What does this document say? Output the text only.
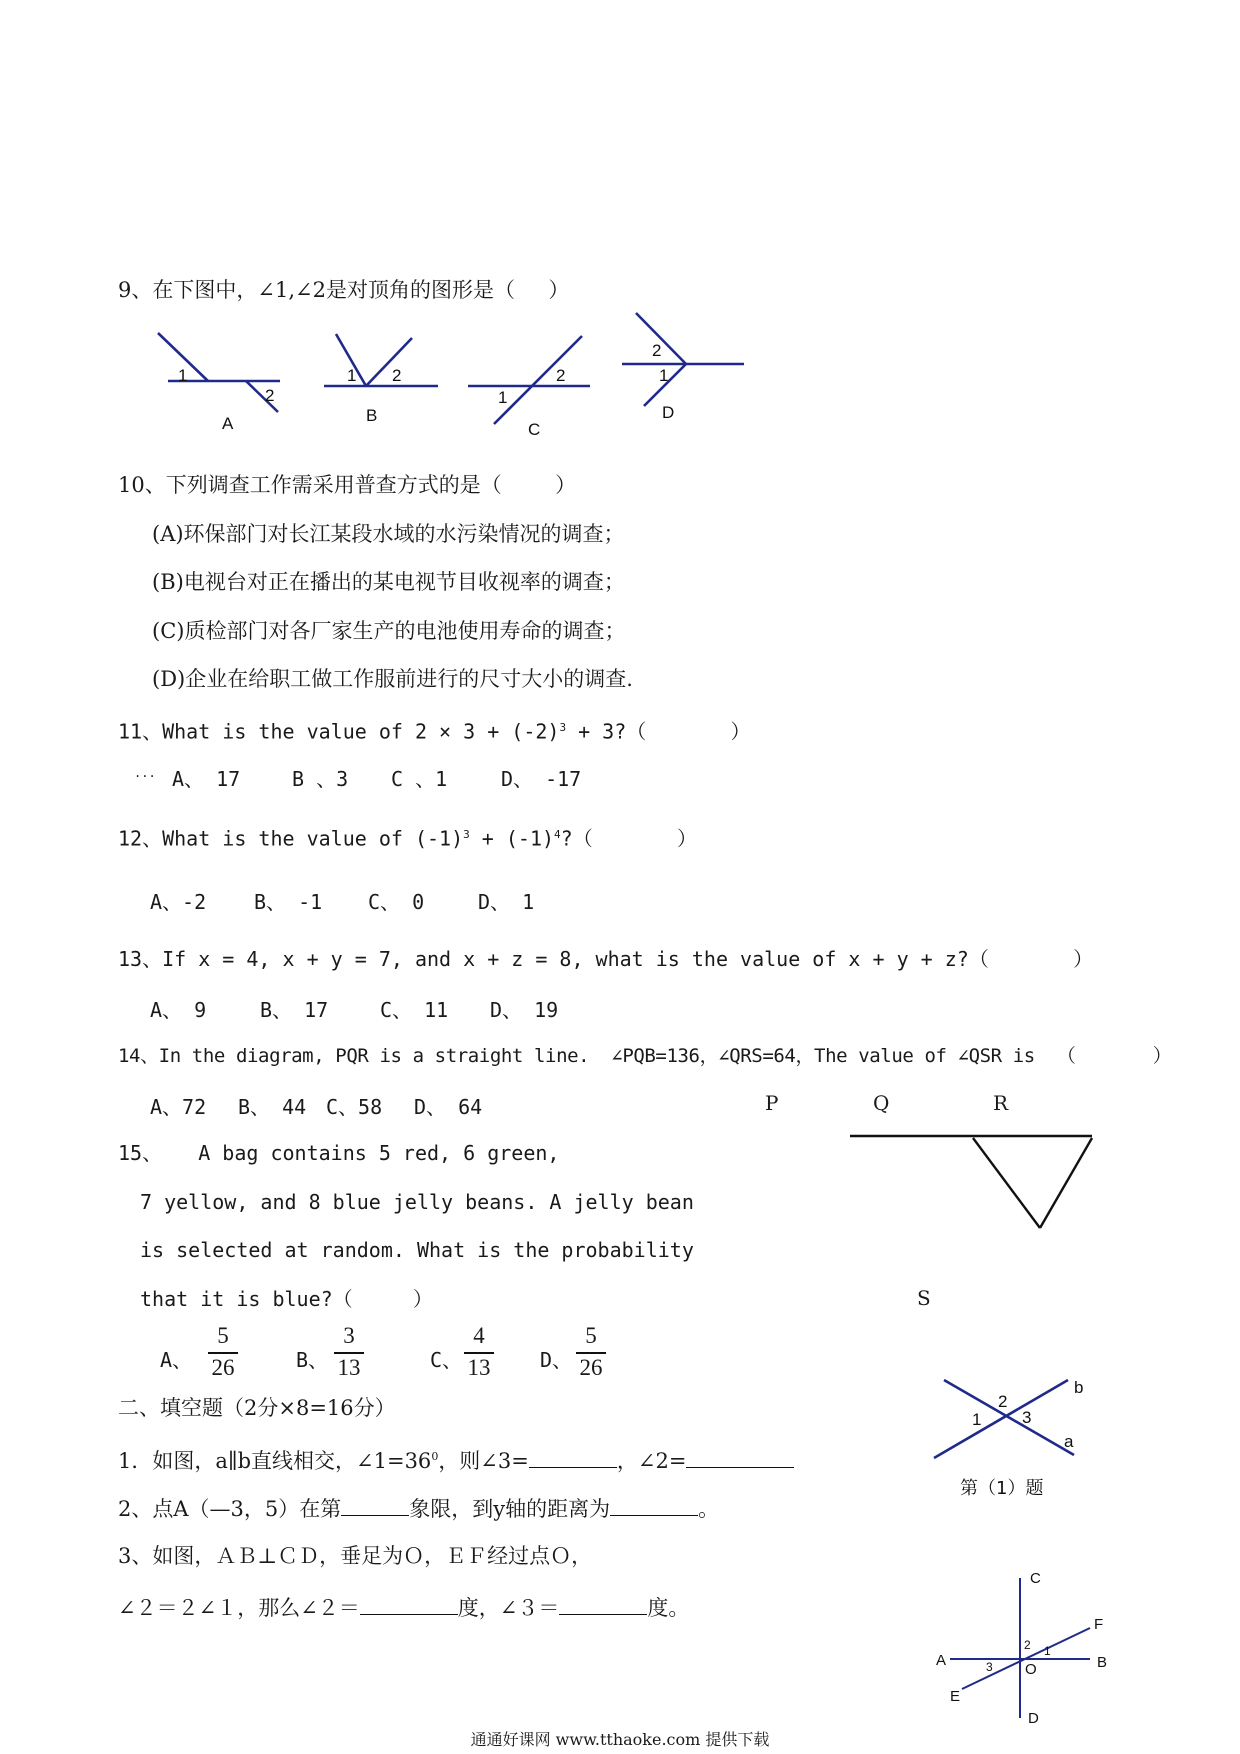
9、在下图中，∠1,∠2是对顶角的图形是（     ）
1
2
A
1 2
B
1
2
C
2
1
D
10、下列调查工作需采用普查方式的是（        ）
(A)环保部门对长江某段水域的水污染情况的调查；
(B)电视台对正在播出的某电视节目收视率的调查；
(C)质检部门对各厂家生产的电池使用寿命的调查；
(D)企业在给职工做工作服前进行的尺寸大小的调查.
11、What is the value of $2 \times 3 + (-2)^3$ + 3?（       ）
... A、 17	B 、3 C 、1	D、 -17
12、What is the value of $(-1)^3$ + $(-1)^4$?（       ）
A、-2 B、 -1 C、 0	D、 1
13、If x = 4, x + y = 7, and x + z = 8, what is the value of x + y + z?（       ）
A、 9	B、 17	C、 11 D、 19
14、In the diagram, PQR is a straight line.  ∠PQB=136，∠QRS=64，The value of ∠QSR is  （       ）
A、72 B、 44 C、58 D、 64	P	Q	R
S
15、   A bag contains 5 red, 6 green,
7 yellow, and 8 blue jelly beans. A jelly bean
is selected at random. What is the probability
that it is blue?（     ）
A、
5
26	B、
3
13	C、
4
13 D、
5
26
二、填空题（2分×8=16分）
1．如图，a∥b直线相交，$\angle 1=36^0$，则∠3=	，∠2=
2、点A（—3，5）在第	象限，到y轴的距离为	。
3、如图，ＡＢ⊥ＣＤ，垂足为Ｏ，ＥＦ经过点Ｏ，
∠２＝２∠１，那么∠２＝	度，∠３＝	度。
b
a
2
1 3
第（1）题
C
F
A	B
O
2 1
3
E
D
通通好课网 www.tthaoke.com 提供下载
